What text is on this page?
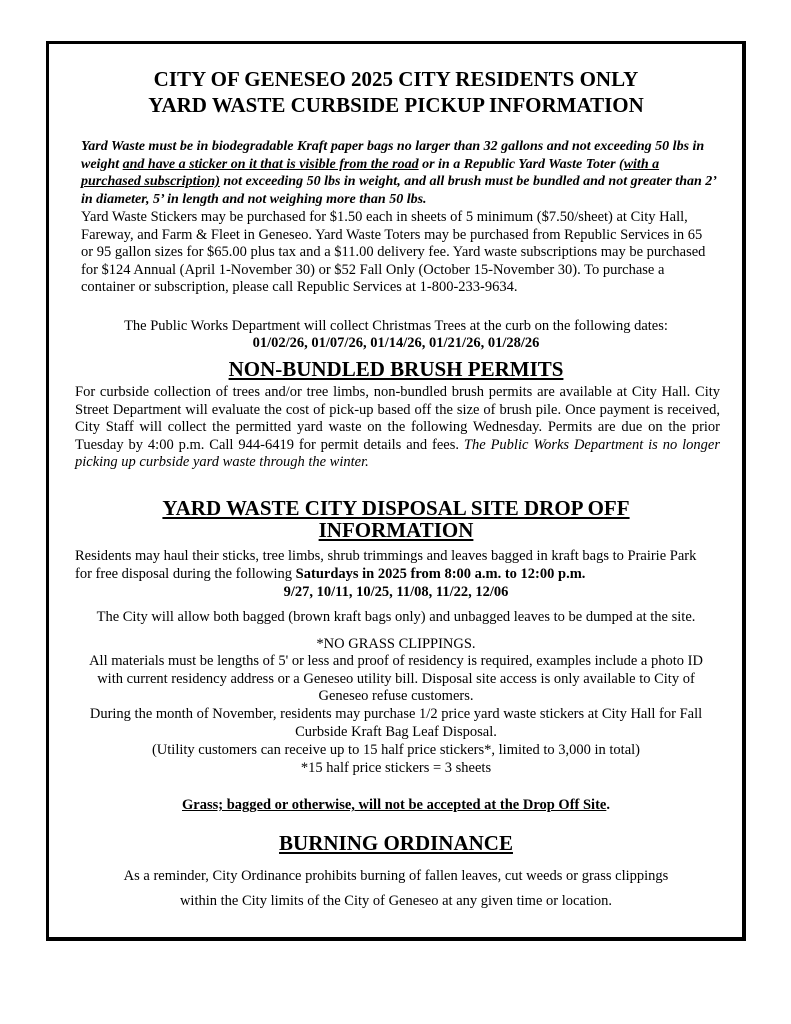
CITY OF GENESEO 2025 CITY RESIDENTS ONLY

YARD WASTE CURBSIDE PICKUP INFORMATION

Yard Waste must be in biodegradable Kraft paper bags no larger than 32 gallons and not exceeding 50 lbs in weight and have a sticker on it that is visible from the road or in a Republic Yard Waste Toter (with a purchased subscription) not exceeding 50 lbs in weight, and all brush must be bundled and not greater than 2’ in diameter, 5’ in length and not weighing more than 50 lbs.

Yard Waste Stickers may be purchased for $1.50 each in sheets of 5 minimum ($7.50/sheet) at City Hall, Fareway, and Farm & Fleet in Geneseo. Yard Waste Toters may be purchased from Republic Services in 65 or 95 gallon sizes for $65.00 plus tax and a $11.00 delivery fee. Yard waste subscriptions may be purchased for $124 Annual (April 1-November 30) or $52 Fall Only (October 15-November 30). To purchase a container or subscription, please call Republic Services at 1-800-233-9634.

The Public Works Department will collect Christmas Trees at the curb on the following dates:

01/02/26, 01/07/26, 01/14/26, 01/21/26, 01/28/26

NON-BUNDLED BRUSH PERMITS

For curbside collection of trees and/or tree limbs, non-bundled brush permits are available at City Hall. City Street Department will evaluate the cost of pick-up based off the size of brush pile. Once payment is received, City Staff will collect the permitted yard waste on the following Wednesday. Permits are due on the prior Tuesday by 4:00 p.m. Call 944-6419 for permit details and fees. The Public Works Department is no longer picking up curbside yard waste through the winter.

YARD WASTE CITY DISPOSAL SITE DROP OFF

INFORMATION

Residents may haul their sticks, tree limbs, shrub trimmings and leaves bagged in kraft bags to Prairie Park for free disposal during the following Saturdays in 2025 from 8:00 a.m. to 12:00 p.m.

9/27, 10/11, 10/25, 11/08, 11/22, 12/06

The City will allow both bagged (brown kraft bags only) and unbagged leaves to be dumped at the site.

*NO GRASS CLIPPINGS.

All materials must be lengths of 5' or less and proof of residency is required, examples include a photo ID with current residency address or a Geneseo utility bill. Disposal site access is only available to City of Geneseo refuse customers.

During the month of November, residents may purchase 1/2 price yard waste stickers at City Hall for Fall Curbside Kraft Bag Leaf Disposal.

(Utility customers can receive up to 15 half price stickers*, limited to 3,000 in total)

*15 half price stickers = 3 sheets

Grass; bagged or otherwise, will not be accepted at the Drop Off Site.

BURNING ORDINANCE

As a reminder, City Ordinance prohibits burning of fallen leaves, cut weeds or grass clippings

within the City limits of the City of Geneseo at any given time or location.
